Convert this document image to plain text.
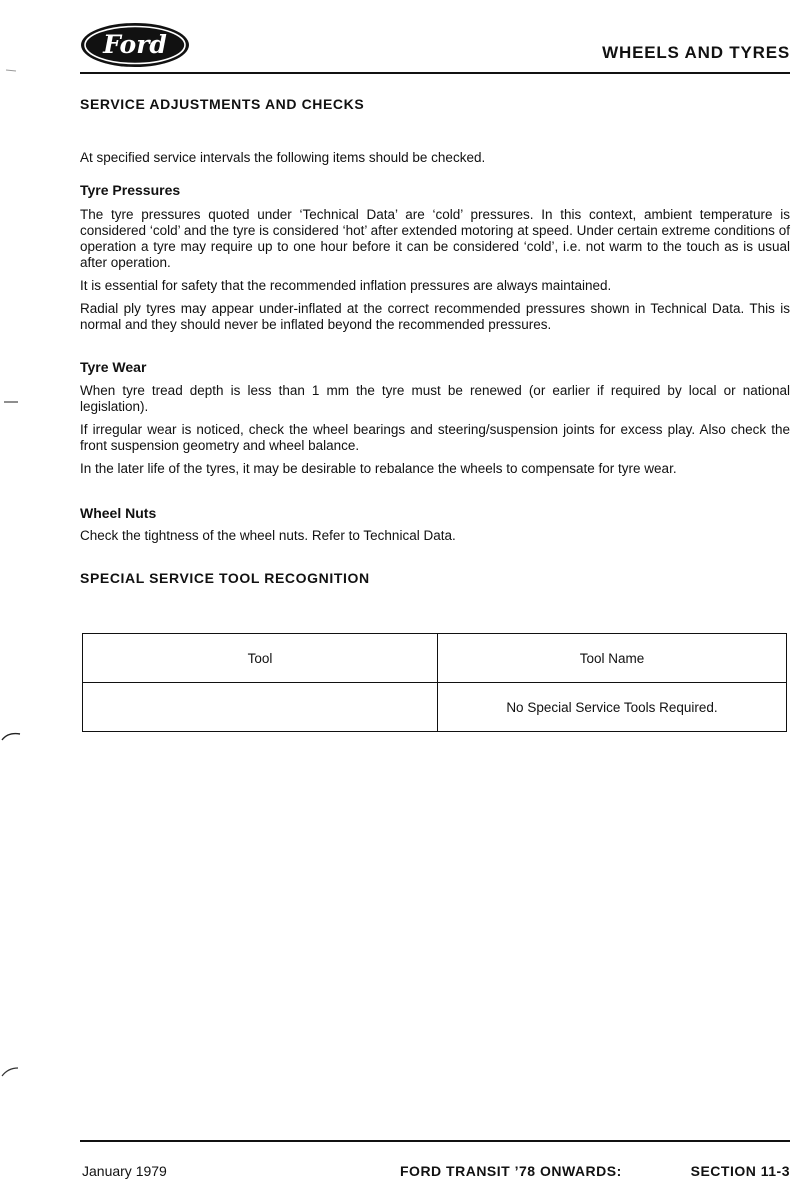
Ford	WHEELS AND TYRES
SERVICE ADJUSTMENTS AND CHECKS

At specified service intervals the following items should be checked.

Tyre Pressures

The tyre pressures quoted under ‘Technical Data’ are ‘cold’ pressures. In this context, ambient temperature is considered ‘cold’ and the tyre is considered ‘hot’ after extended motoring at speed. Under certain extreme conditions of operation a tyre may require up to one hour before it can be considered ‘cold’, i.e. not warm to the touch as is usual after operation.

It is essential for safety that the recommended inflation pressures are always maintained.

Radial ply tyres may appear under-inflated at the correct recommended pressures shown in Technical Data. This is normal and they should never be inflated beyond the recommended pressures.

Tyre Wear

When tyre tread depth is less than 1 mm the tyre must be renewed (or earlier if required by local or national legislation).

If irregular wear is noticed, check the wheel bearings and steering/suspension joints for excess play. Also check the front suspension geometry and wheel balance.

In the later life of the tyres, it may be desirable to rebalance the wheels to compensate for tyre wear.

Wheel Nuts

Check the tightness of the wheel nuts. Refer to Technical Data.

SPECIAL SERVICE TOOL RECOGNITION
Tool	Tool Name
	No Special Service Tools Required.
January 1979	FORD TRANSIT ’78 ONWARDS:	SECTION 11-3
